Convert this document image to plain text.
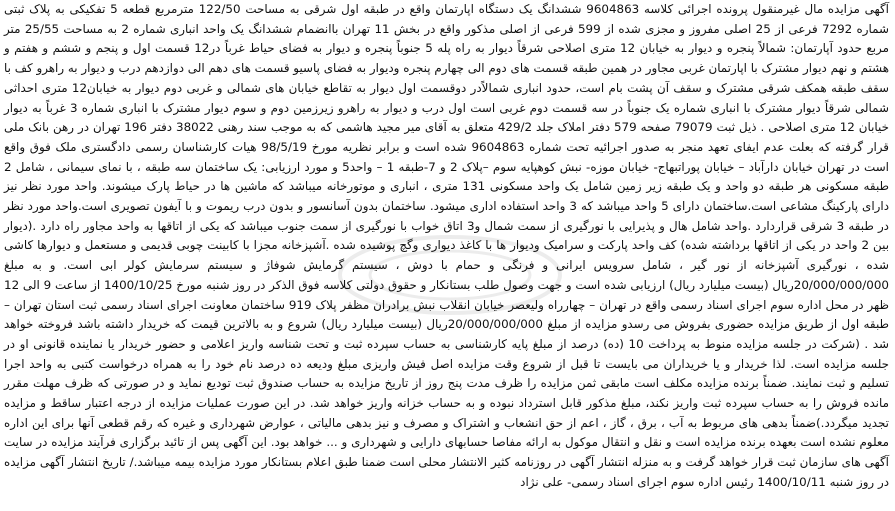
آگهی مزایده مال غیرمنقول پرونده اجرائی کلاسه 9604863 ششدانگ یک دستگاه اپارتمان واقع در طبقه اول شرقی به مساحت 122/50 مترمربع قطعه 5 تفکیکی به پلاک ثبتی شماره 7292 فرعی از 25 اصلی مفروز و مجزی شده از 599 فرعی از اصلی مذکور واقع در بخش 11 تهران باانضمام ششدانگ یک واحد انباری شماره 2 به مساحت 25/55 متر مربع حدود آپارتمان: شمالاً پنجره و دیوار به خیابان 12 متری اصلاحی شرقاً دیوار به راه پله 5 جنوباً پنجره و دیوار به فضای حیاط غرباً در12 قسمت اول و پنجم و ششم و هفتم و هشتم و نهم دیوار مشترک با اپارتمان غربی مجاور در همین طبقه قسمت های دوم الی چهارم پنجره ودیوار به فضای پاسیو قسمت های دهم الی دوازدهم درب و دیوار به راهرو کف با سقف طبقه همکف شرقی مشترک و سقف آن پشت بام است، حدود انباری شمالاًدر دوقسمت اول دیوار به تقاطع خیابان های شمالی و غربی دوم دیوار به خیابان12 متری احداثی شمالی شرقاً دیوار مشترک با انباری شماره یک جنوباً در سه قسمت دوم غربی است اول درب و دیوار به راهرو زیرزمین دوم و سوم دیوار مشترک با انباری شماره 3 غرباً به دیوار خیابان 12 متری اصلاحی . ذیل ثبت 79079 صفحه 579 دفتر املاک جلد 429/2 متعلق به آقای میر مجید هاشمی که به موجب سند رهنی 38022 دفتر 196 تهران در رهن بانک ملی قرار گرفته که بعلت عدم ایفای تعهد منجر به صدور اجرائیه تحت شماره 9604863 شده است و برابر نظریه مورخ 98/5/19 هیات کارشناسان رسمی دادگستری ملک فوق واقع است در تهران خیابان دارآباد – خیابان پوراتبهاج- خیابان موزه- نبش کوهپایه سوم –پلاک 2 و 7-طبقه 1 – واحد5 و مورد ارزیابی: یک ساختمان سه طبقه ، با نمای سیمانی ، شامل 2 طبقه مسکونی هر طبقه دو واحد و یک طبقه زیر زمین شامل یک واحد مسکونی 131 متری ، انباری و موتورخانه میباشد که ماشین ها در حیاط پارک میشوند. واحد مورد نظر نیز دارای پارکینگ مشاعی است.ساختمان دارای 5 واحد میباشد که 3 واحد استفاده اداری میشود. ساختمان بدون آسانسور و بدون درب ریموت و با آیفون تصویری است.واحد مورد نظر در طبقه 3 شرقی قراردارد .واحد شامل هال و پذیرایی با نورگیری از سمت شمال و3 اتاق خواب با نورگیری از سمت جنوب میباشد که یکی از اتاقها به واحد مجاور راه دارد .(دیوار بین 2 واحد در یکی از اتاقها برداشته شده) کف واحد پارکت و سرامیک ودیوار ها با کاغذ دیواری وگچ پوشیده شده .آشپزخانه مجزا با کابینت چوبی قدیمی و مستعمل و دیوارها کاشی شده ، نورگیری آشپزخانه از نور گیر ، شامل سرویس ایرانی و فرنگی و حمام با دوش ، سیستم گرمایش شوفاژ و سیستم سرمایش کولر ابی است. و به مبلغ 20/000/000/000ریال (بیست میلیارد ریال) ارزیابی شده است و جهت وصول طلب بستانکار و حقوق دولتی کلاسه فوق الذکر در روز شنبه مورخ 1400/10/25 از ساعت 9 الی 12 ظهر در محل اداره سوم اجرای اسناد رسمی واقع در تهران – چهارراه ولیعصر خیابان انقلاب نبش برادران مظفر پلاک 919 ساختمان معاونت اجرای اسناد رسمی ثبت استان تهران – طبقه اول از طریق مزایده حضوری بفروش می رسدو مزایده از مبلغ 20/000/000/000ریال (بیست میلیارد ریال) شروع و به بالاترین قیمت که خریدار داشته باشد فروخته خواهد شد . (شرکت در جلسه مزایده منوط به پرداخت 10 (ده) درصد از مبلغ پایه کارشناسی به حساب سپرده ثبت و تحت شناسه واریز اعلامی و حضور خریدار یا نماینده قانونی او در جلسه مزایده است. لذا خریدار و یا خریداران می بایست تا قبل از شروع وقت مزایده اصل فیش واریزی مبلغ ودیعه ده درصد نام خود را به همراه درخواست کتبی به واحد اجرا تسلیم و ثبت نمایند. ضمناً برنده مزایده مکلف است مابقی ثمن مزایده را ظرف مدت پنج روز از تاریخ مزایده به حساب صندوق ثبت تودیع نماید و در صورتی که ظرف مهلت مقرر مانده فروش را به حساب سپرده ثبت واریز نکند، مبلغ مذکور قابل استرداد نبوده و به حساب خزانه واریز خواهد شد. در این صورت عملیات مزایده از درجه اعتبار ساقط و مزایده تجدید میگردد.)ضمناً بدهی های مربوط به آب ، برق ، گاز ، اعم از حق انشعاب و اشتراک و مصرف و نیز بدهی مالیاتی ، عوارض شهرداری و غیره که رقم قطعی آنها برای این اداره معلوم نشده است بعهده برنده مزایده است و نقل و انتقال موکول به ارائه مفاصا حسابهای دارایی و شهرداری و ... خواهد بود. این آگهی پس از تائید برگزاری فرآیند مزایده در سایت آگهی های سازمان ثبت قرار خواهد گرفت و به منزله انتشار آگهی در روزنامه کثیر الانتشار محلی است ضمنا طبق اعلام بستانکار مورد مزایده بیمه میباشد./ تاریخ انتشار آگهی مزایده در روز شنبه 1400/10/11 رئیس اداره سوم اجرای اسناد رسمی- علی نژاد
